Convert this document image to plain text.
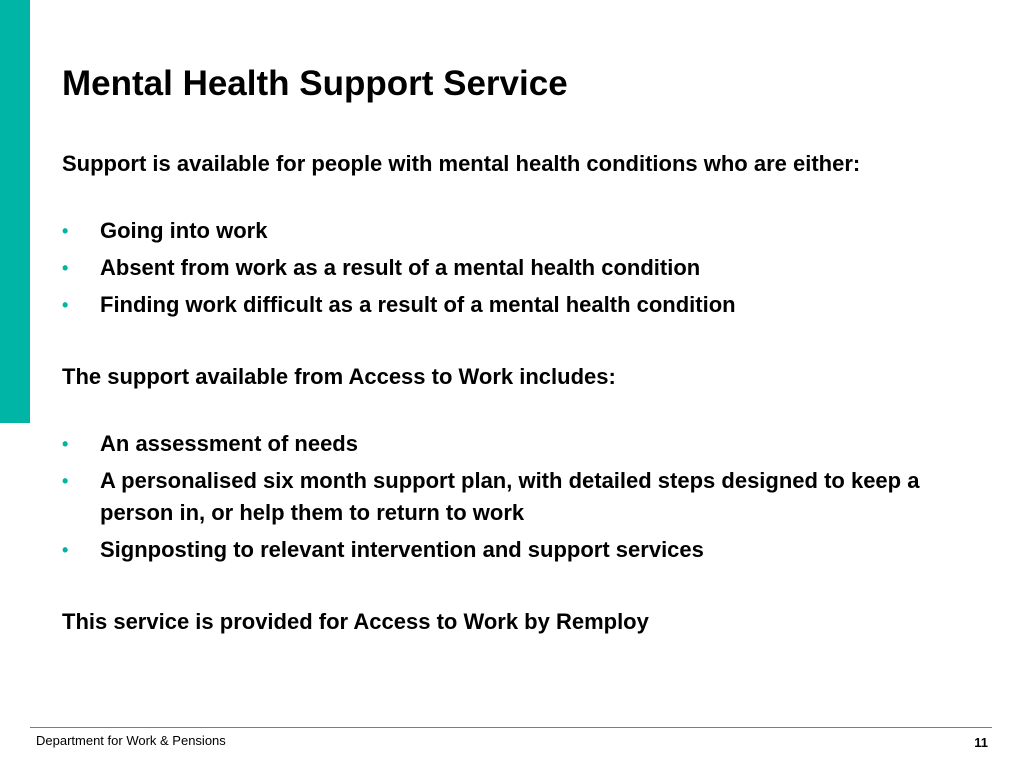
Mental Health Support Service

Support is available for people with mental health conditions who are either:

• Going into work
• Absent from work as a result of a mental health condition
• Finding work difficult as a result of a mental health condition

The support available from Access to Work includes:

• An assessment of needs
• A personalised six month support plan, with detailed steps designed to keep a person in, or help them to return to work
• Signposting to relevant intervention and support services

This service is provided for Access to Work by Remploy

Department for Work & Pensions	11
